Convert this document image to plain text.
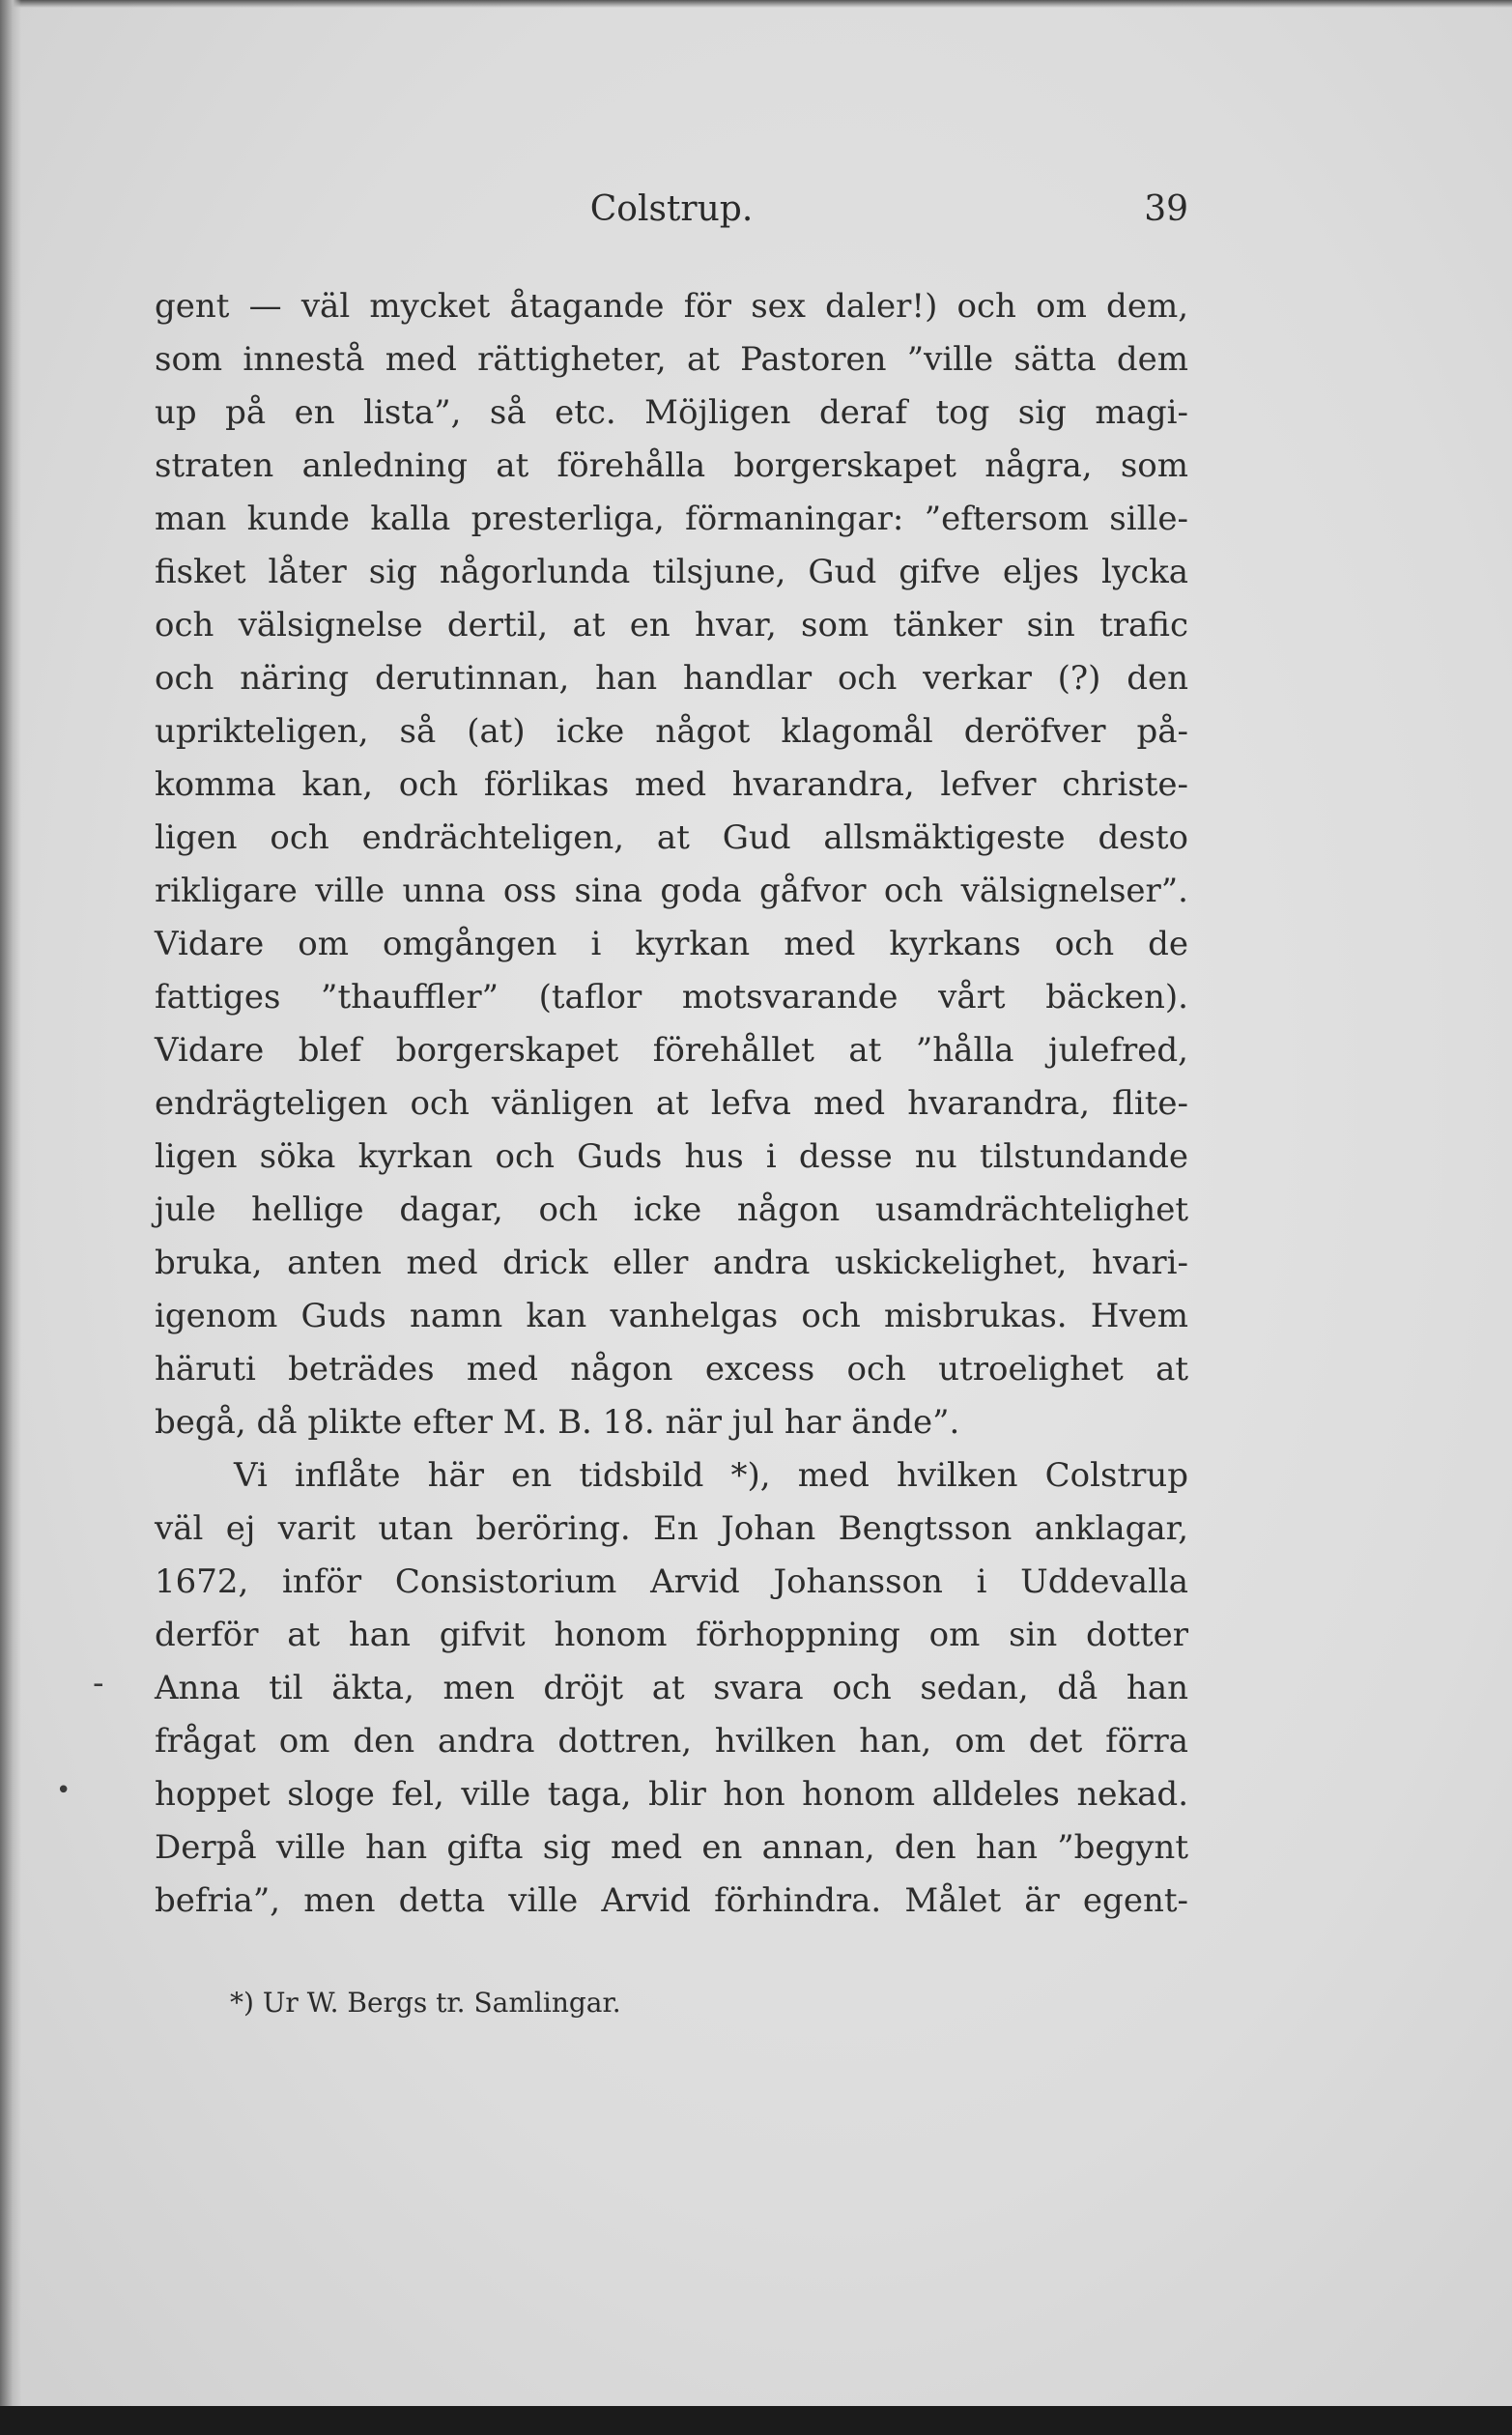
-
•
Colstrup.	39
gent — väl mycket åtagande för sex daler!) och om dem,
som innestå med rättigheter, at Pastoren ”ville sätta dem
up på en lista”, så etc. Möjligen deraf tog sig magi-
straten anledning at förehålla borgerskapet några, som
man kunde kalla presterliga, förmaningar: ”eftersom sille-
fisket låter sig någorlunda tilsjune, Gud gifve eljes lycka
och välsignelse dertil, at en hvar, som tänker sin trafic
och näring derutinnan, han handlar och verkar (?) den
uprikteligen, så (at) icke något klagomål deröfver på-
komma kan, och förlikas med hvarandra, lefver christe-
ligen och endrächteligen, at Gud allsmäktigeste desto
rikligare ville unna oss sina goda gåfvor och välsignelser”.
Vidare om omgången i kyrkan med kyrkans och de
fattiges ”thauffler” (taflor motsvarande vårt bäcken).
Vidare blef borgerskapet förehållet at ”hålla julefred,
endrägteligen och vänligen at lefva med hvarandra, flite-
ligen söka kyrkan och Guds hus i desse nu tilstundande
jule hellige dagar, och icke någon usamdrächtelighet
bruka, anten med drick eller andra uskickelighet, hvari-
igenom Guds namn kan vanhelgas och misbrukas. Hvem
häruti beträdes med någon excess och utroelighet at
begå, då plikte efter M. B. 18. när jul har ände”.
Vi inflåte här en tidsbild *), med hvilken Colstrup
väl ej varit utan beröring. En Johan Bengtsson anklagar,
1672, inför Consistorium Arvid Johansson i Uddevalla
derför at han gifvit honom förhoppning om sin dotter
Anna til äkta, men dröjt at svara och sedan, då han
frågat om den andra dottren, hvilken han, om det förra
hoppet sloge fel, ville taga, blir hon honom alldeles nekad.
Derpå ville han gifta sig med en annan, den han ”begynt
befria”, men detta ville Arvid förhindra. Målet är egent-
*) Ur W. Bergs tr. Samlingar.
